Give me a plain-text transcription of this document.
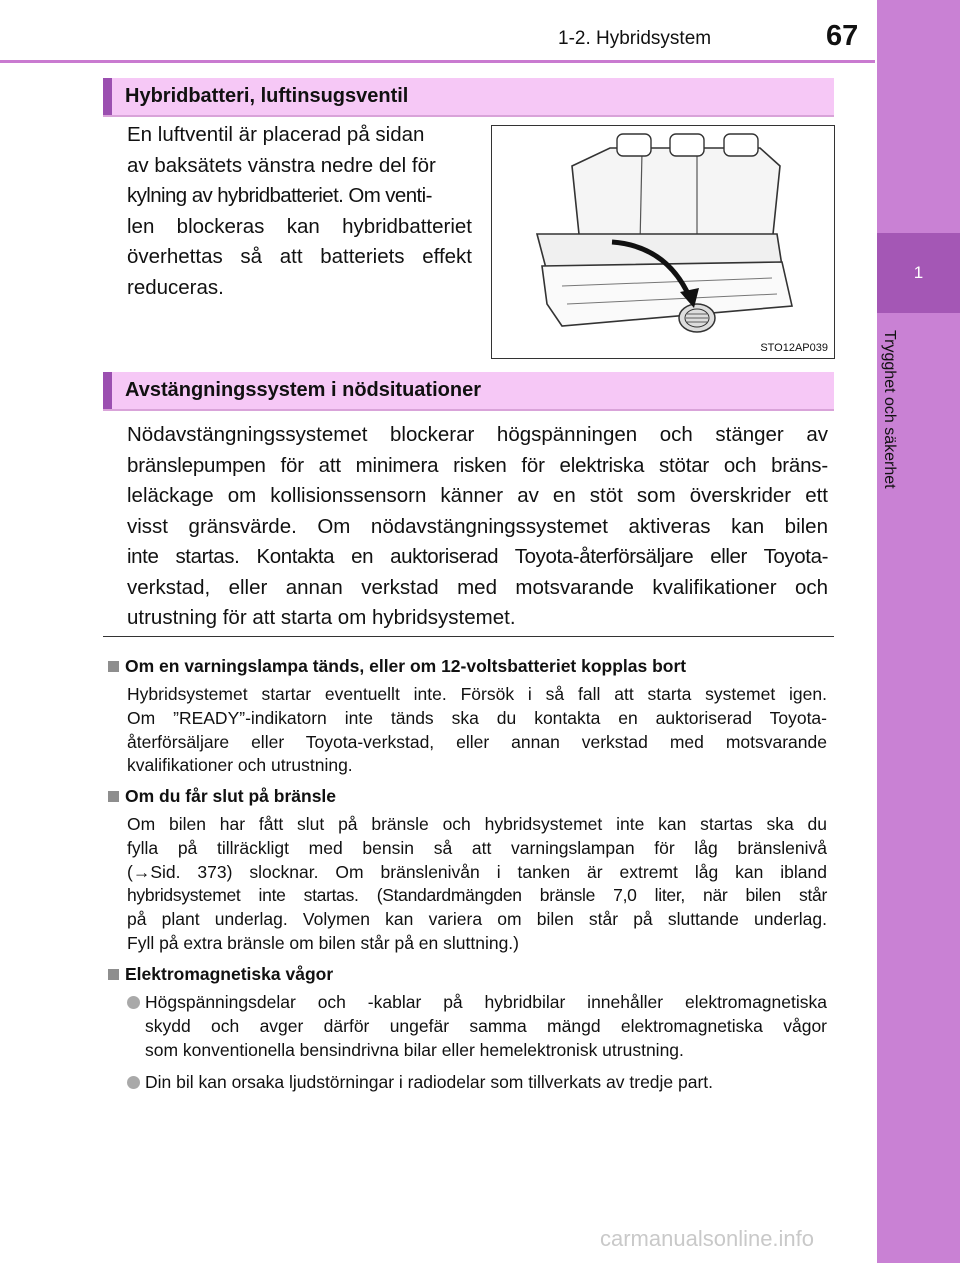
1-2. Hybridsystem	67
1
Trygghet och säkerhet
Hybridbatteri, luftinsugsventil
En luftventil är placerad på sidan
av baksätets vänstra nedre del för
kylning av hybridbatteriet. Om venti-
len blockeras kan hybridbatteriet
överhettas så att batteriets effekt
reduceras.
STO12AP039
Avstängningssystem i nödsituationer
Nödavstängningssystemet blockerar högspänningen och stänger av
bränslepumpen för att minimera risken för elektriska stötar och bräns-
leläckage om kollisionssensorn känner av en stöt som överskrider ett
visst gränsvärde. Om nödavstängningssystemet aktiveras kan bilen
inte startas. Kontakta en auktoriserad Toyota-återförsäljare eller Toyota-
verkstad, eller annan verkstad med motsvarande kvalifikationer och
utrustning för att starta om hybridsystemet.
Om en varningslampa tänds, eller om 12-voltsbatteriet kopplas bort
Hybridsystemet startar eventuellt inte. Försök i så fall att starta systemet igen.
Om ”READY”-indikatorn inte tänds ska du kontakta en auktoriserad Toyota-
återförsäljare eller Toyota-verkstad, eller annan verkstad med motsvarande
kvalifikationer och utrustning.
Om du får slut på bränsle
Om bilen har fått slut på bränsle och hybridsystemet inte kan startas ska du
fylla på tillräckligt med bensin så att varningslampan för låg bränslenivå
(→Sid. 373) slocknar. Om bränslenivån i tanken är extremt låg kan ibland
hybridsystemet inte startas. (Standardmängden bränsle 7,0 liter, när bilen står
på plant underlag. Volymen kan variera om bilen står på sluttande underlag.
Fyll på extra bränsle om bilen står på en sluttning.)
Elektromagnetiska vågor
Högspänningsdelar och -kablar på hybridbilar innehåller elektromagnetiska
skydd och avger därför ungefär samma mängd elektromagnetiska vågor
som konventionella bensindrivna bilar eller hemelektronisk utrustning.
Din bil kan orsaka ljudstörningar i radiodelar som tillverkats av tredje part.
carmanualsonline.info
